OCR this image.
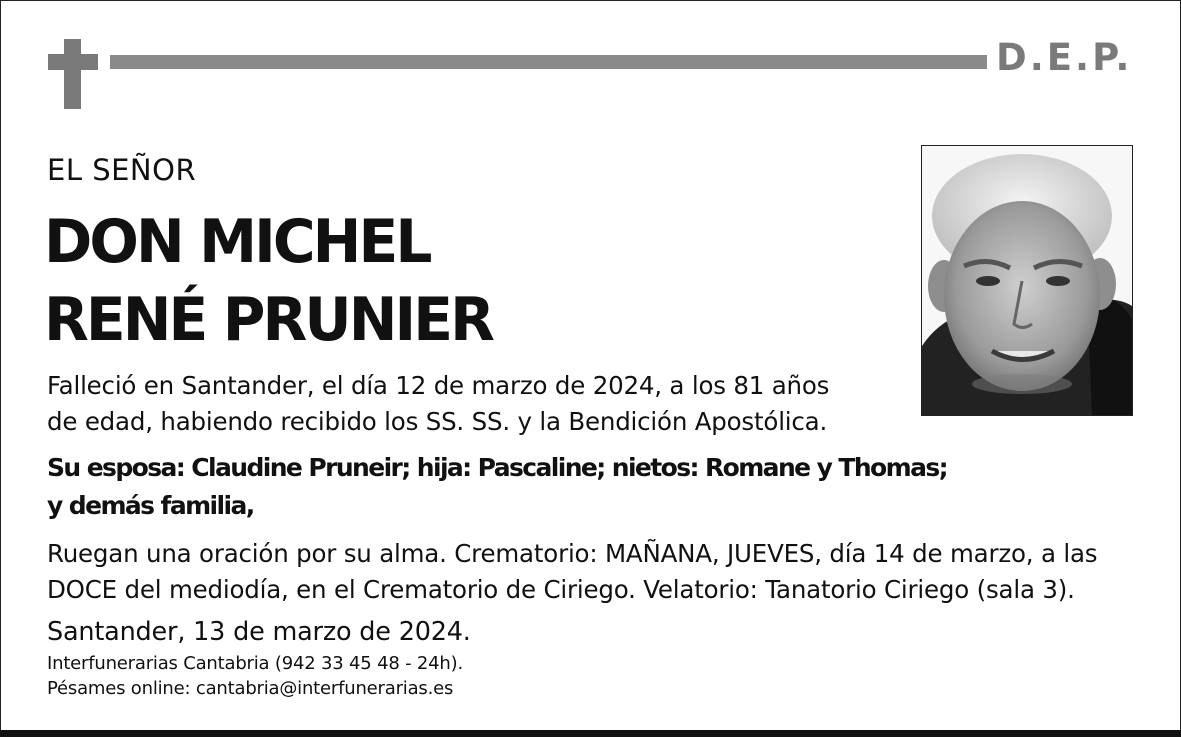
D.E.P.
EL SEÑOR
DON MICHEL
RENÉ PRUNIER
Falleció en Santander, el día 12 de marzo de 2024, a los 81 años
de edad, habiendo recibido los SS. SS. y la Bendición Apostólica.
Su esposa: Claudine Pruneir; hija: Pascaline; nietos: Romane y Thomas;
y demás familia,
Ruegan una oración por su alma. Crematorio: MAÑANA, JUEVES, día 14 de marzo, a las
DOCE del mediodía, en el Crematorio de Ciriego. Velatorio: Tanatorio Ciriego (sala 3).
Santander, 13 de marzo de 2024.
Interfunerarias Cantabria (942 33 45 48 - 24h).
Pésames online: cantabria@interfunerarias.es
